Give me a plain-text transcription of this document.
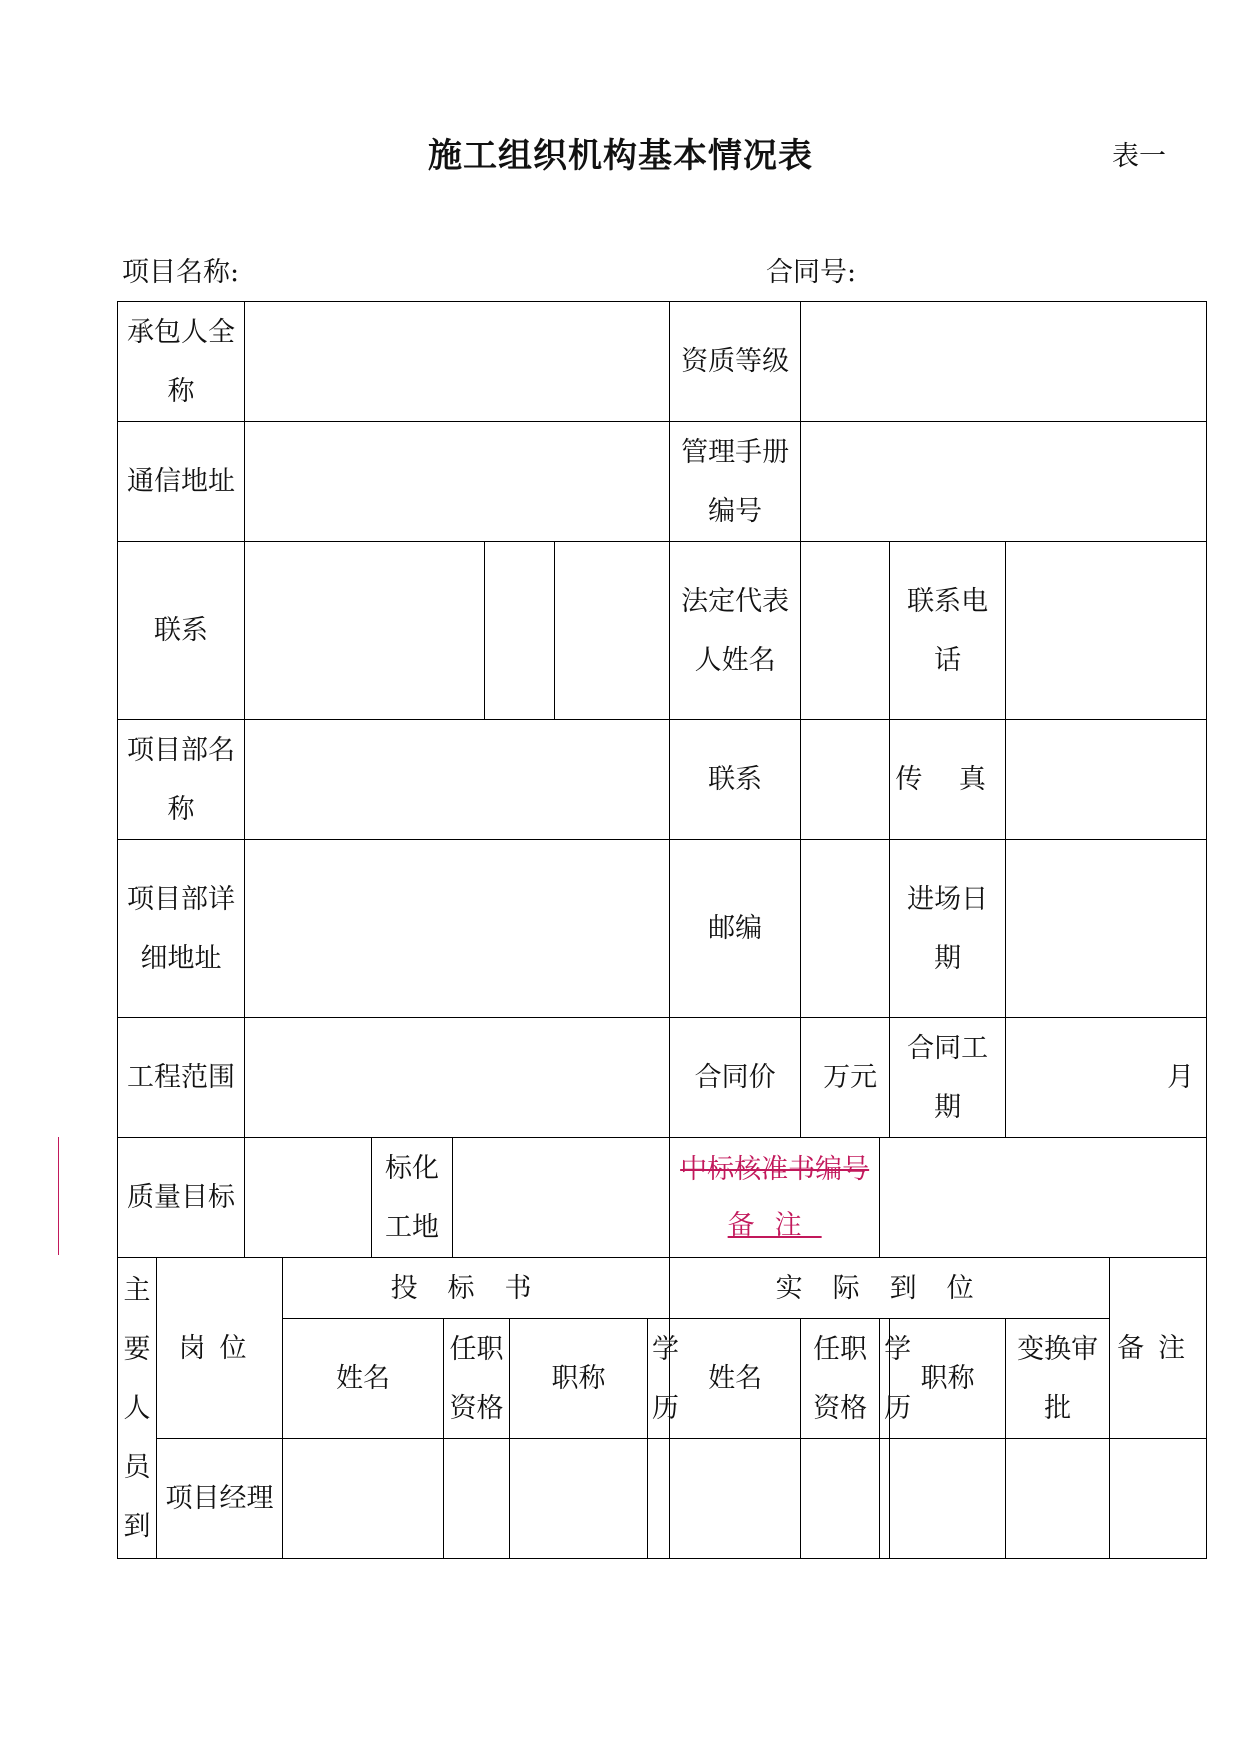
施工组织机构基本情况表	表一
项目名称:	合同号:
承包人全称											资质等级					
通信地址											管理手册编号					
联系											法定代表人姓名			联系电话		
项目部名称											联系			传 真		
项目部详细地址											邮编			进场日期		
工程范围											合同价	万元		合同工期	月	
质量目标				标化工地							中标核准书编号
备注					

主要人员到	岗位		投标书								实际到位					备注
			姓名		任职资格			职称		学历	姓名	任职资格	学历	职称	变换审批	
	项目经理															
